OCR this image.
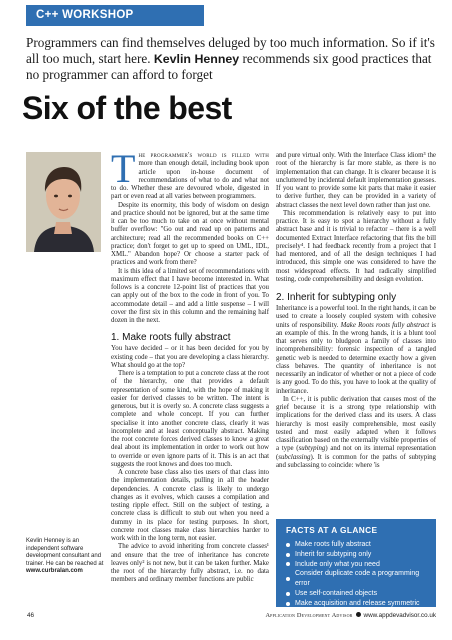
C++ WORKSHOP
Programmers can find themselves deluged by too much information. So if it's all too much, start here. Kevlin Henney recommends six good practices that no programmer can afford to forget
Six of the best
Kevlin Henney is an independent software development consultant and trainer. He can be reached at
www.curbralan.com

The programmer's world is filled with more than enough detail, including book upon article upon in-house document of recommendations of what to do and what not to do. Whether these are devoured whole, digested in part or even read at all varies between programmers.

Despite its enormity, this body of wisdom on design and practice should not be ignored, but at the same time it can be too much to take on at once without mental buffer overflow: "Go out and read up on patterns and architecture; read all the recommended books on C++ practice; don't forget to get up to speed on UML, IDL, XML." Abandon hope? Or choose a starter pack of practices and work from there?

It is this idea of a limited set of recommendations with maximum effect that I have become interested in. What follows is a concrete 12-point list of practices that you can apply out of the box to the code in front of you. To accommodate detail – and add a little suspense – I will cover the first six in this column and the remaining half dozen in the next.

1. Make roots fully abstract

You have decided – or it has been decided for you by existing code – that you are developing a class hierarchy. What should go at the top?

There is a temptation to put a concrete class at the root of the hierarchy, one that provides a default representation of some kind, with the hope of making it easier for derived classes to be written. The intent is generous, but it is overly so. A concrete class suggests a complete and whole concept. If you can further specialise it into another concrete class, clearly it was incomplete and at least conceptually abstract. Making the root concrete forces derived classes to know a great deal about its implementation in order to work out how to override or even ignore parts of it. This is an act that suggests the root knows and does too much.

A concrete base class also ties users of that class into the implementation details, pulling in all the header dependencies. A concrete class is likely to undergo changes as it evolves, which causes a compilation and testing ripple effect. Still on the subject of testing, a concrete class is difficult to stub out when you need a dummy in its place for testing purposes. In short, concrete root classes make class hierarchies harder to work with in the long term, not easier.

The advice to avoid inheriting from concrete classes¹ and ensure that the tree of inheritance has concrete leaves only² is not new, but it can be taken further. Make the root of the hierarchy fully abstract, i.e. no data members and ordinary member functions are public

and pure virtual only. With the Interface Class idiom³ the root of the hierarchy is far more stable, as there is no implementation that can change. It is clearer because it is uncluttered by incidental default implementation guesses. If you want to provide some kit parts that make it easier to derive further, they can be provided in a variety of abstract classes the next level down rather than just one.

This recommendation is relatively easy to put into practice. It is easy to spot a hierarchy without a fully abstract base and it is trivial to refactor – there is a well documented Extract Interface refactoring that fits the bill precisely⁴. I had feedback recently from a project that I had mentored, and of all the design techniques I had introduced, this simple one was considered to have the most widespread effects. It had radically simplified testing, code comprehensibility and design evolution.

2. Inherit for subtyping only

Inheritance is a powerful tool. In the right hands, it can be used to create a loosely coupled system with cohesive units of responsibility. Make Roots roots fully abstract is an example of this. In the wrong hands, it is a blunt tool that serves only to bludgeon a family of classes into incomprehensibility: forensic inspection of a tangled genetic web is needed to determine exactly how a given class behaves. The quantity of inheritance is not necessarily an indicator of whether or not a piece of code is any good. To do this, you have to look at the quality of inheritance.

In C++, it is public derivation that causes most of the grief because it is a strong type relationship with implications for the derived class and its users. A class hierarchy is most easily comprehensible, most easily tested and most easily adapted when it follows classification based on the externally visible properties of a type (subtyping) and not on its internal representation (subclassing). It is common for the paths of subtyping and subclassing to coincide: where 'is

FACTS AT A GLANCE
Make roots fully abstract
Inherit for subtyping only
Include only what you need
Consider duplicate code a programming error
Use self-contained objects
Make acquisition and release symmetric
46	Application Development Advisor www.appdevadvisor.co.uk
